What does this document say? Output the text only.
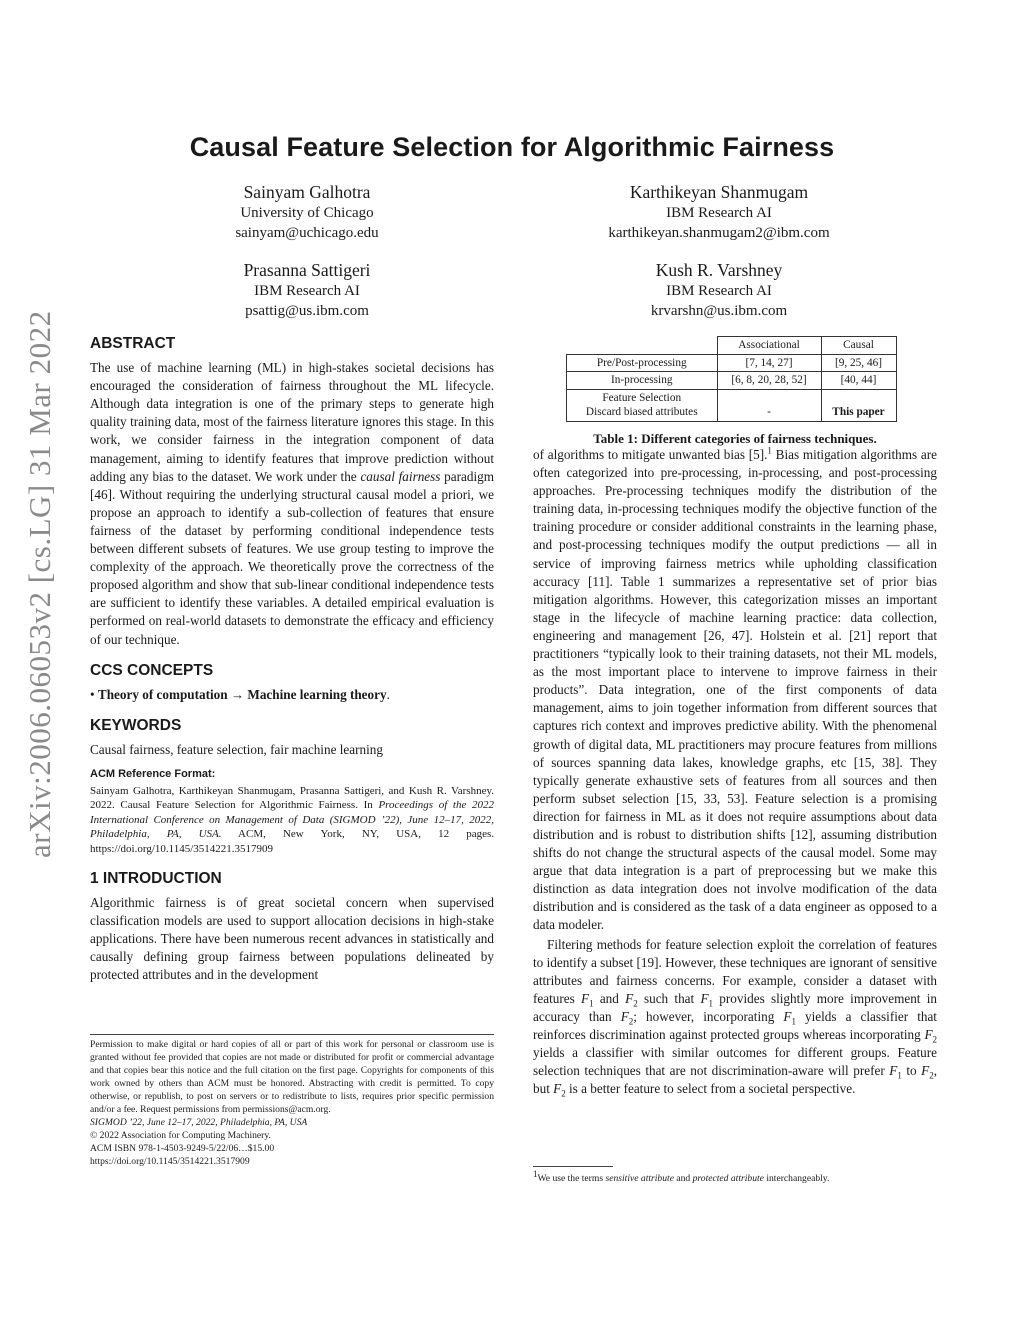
arXiv:2006.06053v2 [cs.LG] 31 Mar 2022
Causal Feature Selection for Algorithmic Fairness
Sainyam Galhotra
University of Chicago
sainyam@uchicago.edu
Karthikeyan Shanmugam
IBM Research AI
karthikeyan.shanmugam2@ibm.com
Prasanna Sattigeri
IBM Research AI
psattig@us.ibm.com
Kush R. Varshney
IBM Research AI
krvarshn@us.ibm.com
ABSTRACT

The use of machine learning (ML) in high-stakes societal decisions has encouraged the consideration of fairness throughout the ML lifecycle. Although data integration is one of the primary steps to generate high quality training data, most of the fairness literature ignores this stage. In this work, we consider fairness in the integration component of data management, aiming to identify features that improve prediction without adding any bias to the dataset. We work under the causal fairness paradigm [46]. Without requiring the underlying structural causal model a priori, we propose an approach to identify a sub-collection of features that ensure fairness of the dataset by performing conditional independence tests between different subsets of features. We use group testing to improve the complexity of the approach. We theoretically prove the correctness of the proposed algorithm and show that sub-linear conditional independence tests are sufficient to identify these variables. A detailed empirical evaluation is performed on real-world datasets to demonstrate the efficacy and efficiency of our technique.

CCS CONCEPTS

• Theory of computation → Machine learning theory.

KEYWORDS

Causal fairness, feature selection, fair machine learning

ACM Reference Format:

Sainyam Galhotra, Karthikeyan Shanmugam, Prasanna Sattigeri, and Kush R. Varshney. 2022. Causal Feature Selection for Algorithmic Fairness. In Proceedings of the 2022 International Conference on Management of Data (SIGMOD ’22), June 12–17, 2022, Philadelphia, PA, USA. ACM, New York, NY, USA, 12 pages. https://doi.org/10.1145/3514221.3517909

1 INTRODUCTION

Algorithmic fairness is of great societal concern when supervised classification models are used to support allocation decisions in high-stake applications. There have been numerous recent advances in statistically and causally defining group fairness between populations delineated by protected attributes and in the development

Permission to make digital or hard copies of all or part of this work for personal or classroom use is granted without fee provided that copies are not made or distributed for profit or commercial advantage and that copies bear this notice and the full citation on the first page. Copyrights for components of this work owned by others than ACM must be honored. Abstracting with credit is permitted. To copy otherwise, or republish, to post on servers or to redistribute to lists, requires prior specific permission and/or a fee. Request permissions from permissions@acm.org.
SIGMOD ’22, June 12–17, 2022, Philadelphia, PA, USA
© 2022 Association for Computing Machinery.
ACM ISBN 978-1-4503-9249-5/22/06…$15.00
https://doi.org/10.1145/3514221.3517909
	Associational	Causal
Pre/Post-processing	[7, 14, 27]	[9, 25, 46]
In-processing	[6, 8, 20, 28, 52]	[40, 44]

Feature Selection
Discard biased attributes	-	This paper
Table 1: Different categories of fairness techniques.

of algorithms to mitigate unwanted bias [5].$^1$ Bias mitigation algorithms are often categorized into pre-processing, in-processing, and post-processing approaches. Pre-processing techniques modify the distribution of the training data, in-processing techniques modify the objective function of the training procedure or consider additional constraints in the learning phase, and post-processing techniques modify the output predictions — all in service of improving fairness metrics while upholding classification accuracy [11]. Table 1 summarizes a representative set of prior bias mitigation algorithms. However, this categorization misses an important stage in the lifecycle of machine learning practice: data collection, engineering and management [26, 47]. Holstein et al. [21] report that practitioners “typically look to their training datasets, not their ML models, as the most important place to intervene to improve fairness in their products”. Data integration, one of the first components of data management, aims to join together information from different sources that captures rich context and improves predictive ability. With the phenomenal growth of digital data, ML practitioners may procure features from millions of sources spanning data lakes, knowledge graphs, etc [15, 38]. They typically generate exhaustive sets of features from all sources and then perform subset selection [15, 33, 53]. Feature selection is a promising direction for fairness in ML as it does not require assumptions about data distribution and is robust to distribution shifts [12], assuming distribution shifts do not change the structural aspects of the causal model. Some may argue that data integration is a part of preprocessing but we make this distinction as data integration does not involve modification of the data distribution and is considered as the task of a data engineer as opposed to a data modeler.

Filtering methods for feature selection exploit the correlation of features to identify a subset [19]. However, these techniques are ignorant of sensitive attributes and fairness concerns. For example, consider a dataset with features $F_1$ and $F_2$ such that $F_1$ provides slightly more improvement in accuracy than $F_2$; however, incorporating $F_1$ yields a classifier that reinforces discrimination against protected groups whereas incorporating $F_2$ yields a classifier with similar outcomes for different groups. Feature selection techniques that are not discrimination-aware will prefer $F_1$ to $F_2$, but $F_2$ is a better feature to select from a societal perspective.

$^1$We use the terms sensitive attribute and protected attribute interchangeably.
